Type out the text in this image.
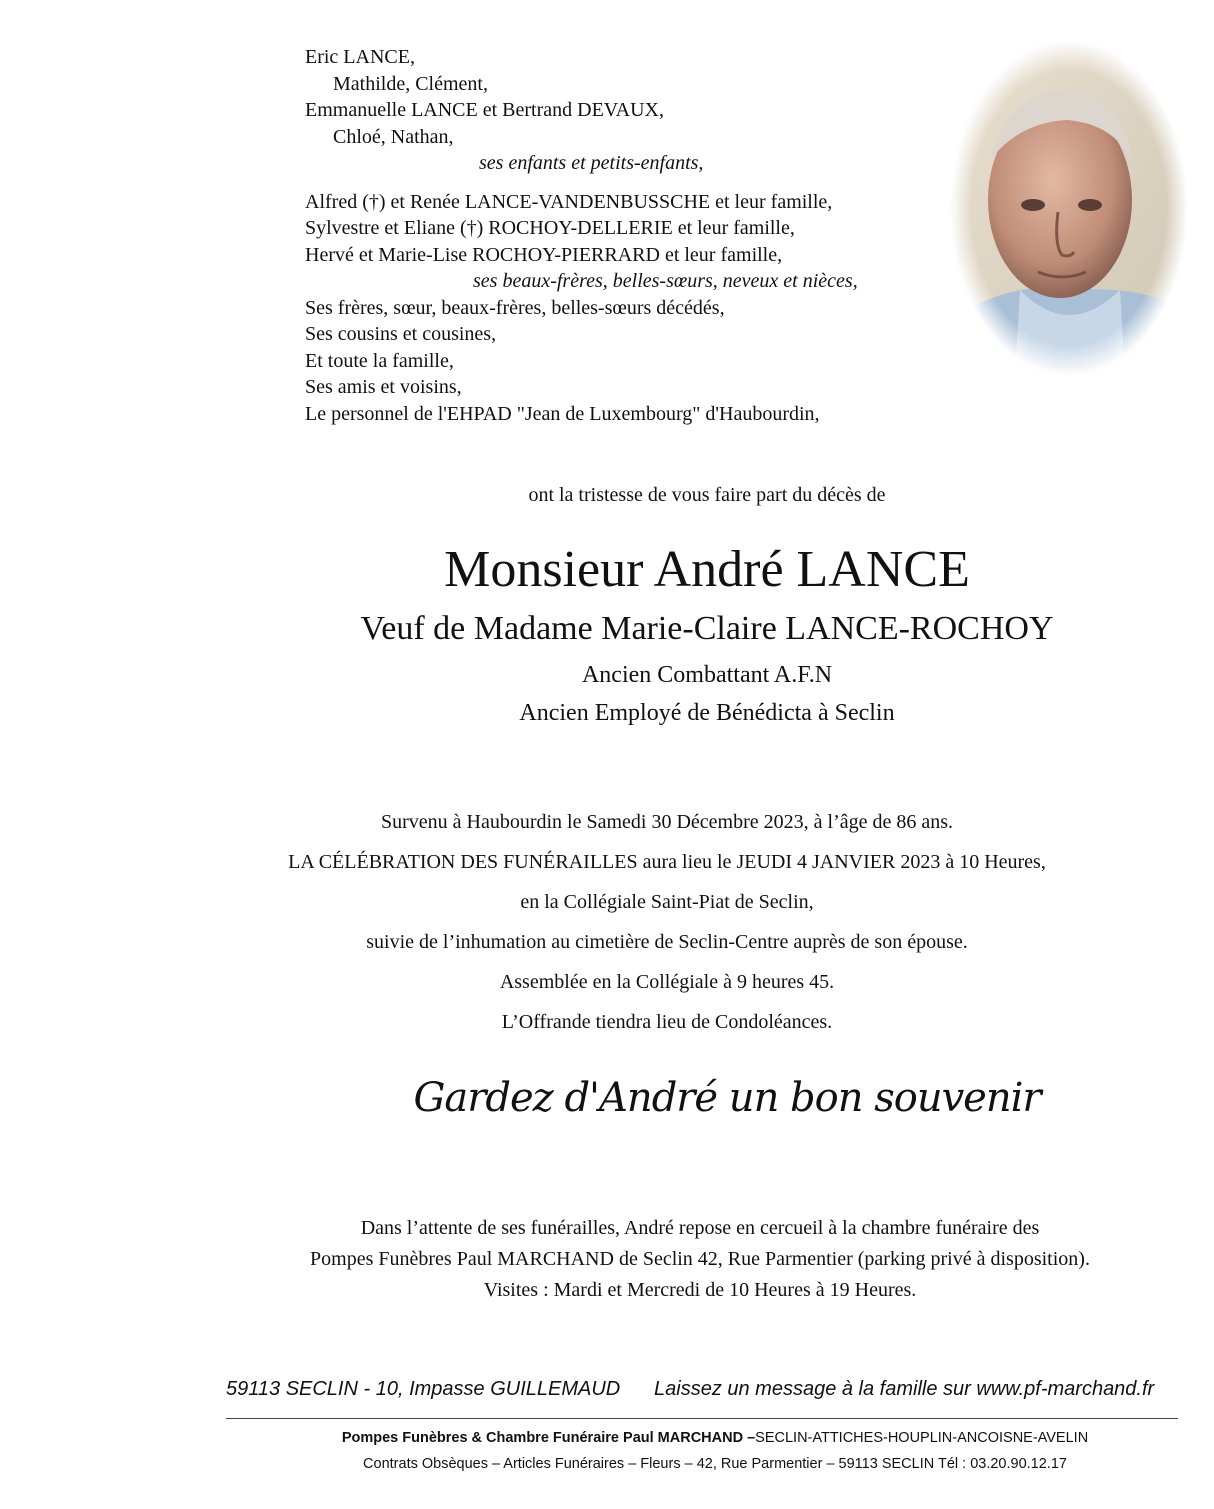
Eric LANCE,
Mathilde, Clément,
Emmanuelle LANCE et Bertrand DEVAUX,
Chloé, Nathan,
ses enfants et petits-enfants,
Alfred (†) et Renée LANCE-VANDENBUSSCHE et leur famille,
Sylvestre et Eliane (†) ROCHOY-DELLERIE et leur famille,
Hervé et Marie-Lise ROCHOY-PIERRARD et leur famille,
ses beaux-frères, belles-sœurs, neveux et nièces,
Ses frères, sœur, beaux-frères, belles-sœurs décédés,
Ses cousins et cousines,
Et toute la famille,
Ses amis et voisins,
Le personnel de l'EHPAD "Jean de Luxembourg" d'Haubourdin,
ont la tristesse de vous faire part du décès de
Monsieur André LANCE
Veuf de Madame Marie-Claire LANCE-ROCHOY
Ancien Combattant A.F.N
Ancien Employé de Bénédicta à Seclin
Survenu à Haubourdin le Samedi 30 Décembre 2023, à l’âge de 86 ans.
LA CÉLÉBRATION DES FUNÉRAILLES aura lieu le JEUDI 4 JANVIER 2023 à 10 Heures,
en la Collégiale Saint-Piat de Seclin,
suivie de l’inhumation au cimetière de Seclin-Centre auprès de son épouse.
Assemblée en la Collégiale à 9 heures 45.
L’Offrande tiendra lieu de Condoléances.
Gardez d'André un bon souvenir
Dans l’attente de ses funérailles, André repose en cercueil à la chambre funéraire des
Pompes Funèbres Paul MARCHAND de Seclin 42, Rue Parmentier (parking privé à disposition).
Visites : Mardi et Mercredi de 10 Heures à 19 Heures.
59113 SECLIN - 10, Impasse GUILLEMAUD Laissez un message à la famille sur www.pf-marchand.fr
Pompes Funèbres & Chambre Funéraire Paul MARCHAND –SECLIN-ATTICHES-HOUPLIN-ANCOISNE-AVELIN
Contrats Obsèques – Articles Funéraires – Fleurs – 42, Rue Parmentier – 59113 SECLIN Tél : 03.20.90.12.17
